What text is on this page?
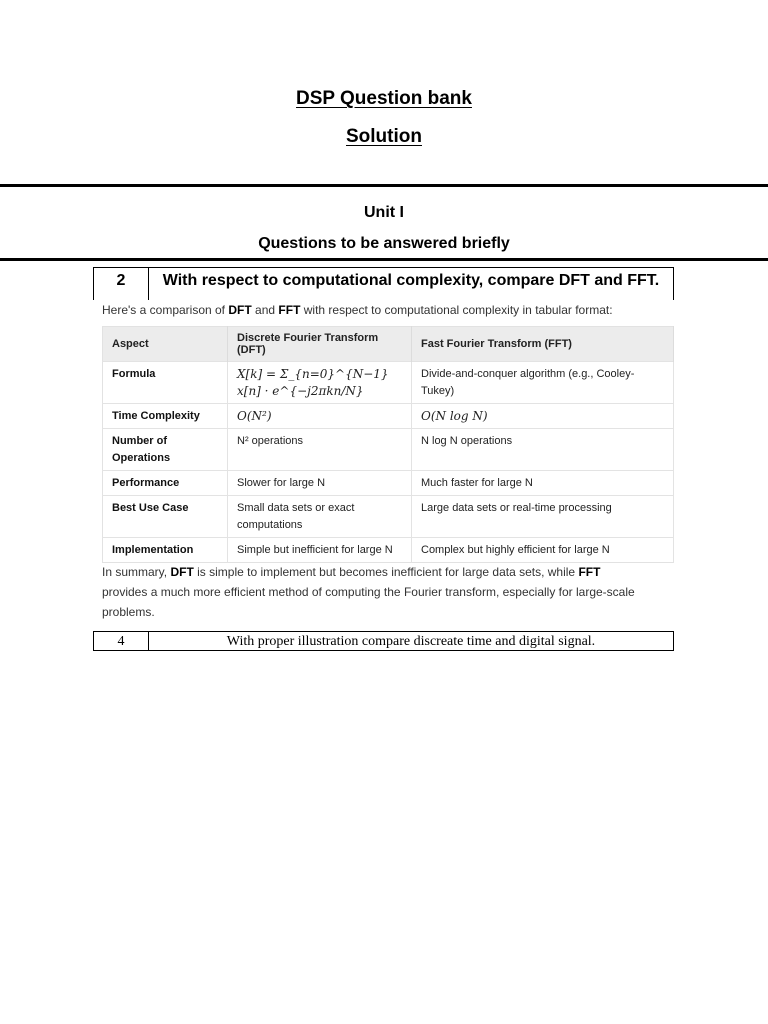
DSP Question bank
Solution
Unit I
Questions to be answered briefly
2	With respect to computational complexity, compare DFT and FFT.
Here's a comparison of DFT and FFT with respect to computational complexity in tabular format:
Aspect	Discrete Fourier Transform (DFT)	Fast Fourier Transform (FFT)
Formula	X[k] = Σ_{n=0}^{N−1} x[n] · e^{−j2πkn/N}	Divide-and-conquer algorithm (e.g., Cooley-Tukey)
Time Complexity	O(N²)	O(N log N)
Number of Operations	N² operations	N log N operations
Performance	Slower for large N	Much faster for large N
Best Use Case	Small data sets or exact computations	Large data sets or real-time processing
Implementation	Simple but inefficient for large N	Complex but highly efficient for large N
In summary, DFT is simple to implement but becomes inefficient for large data sets, while FFT provides a much more efficient method of computing the Fourier transform, especially for large-scale problems.
4	With proper illustration compare discreate time and digital signal.
